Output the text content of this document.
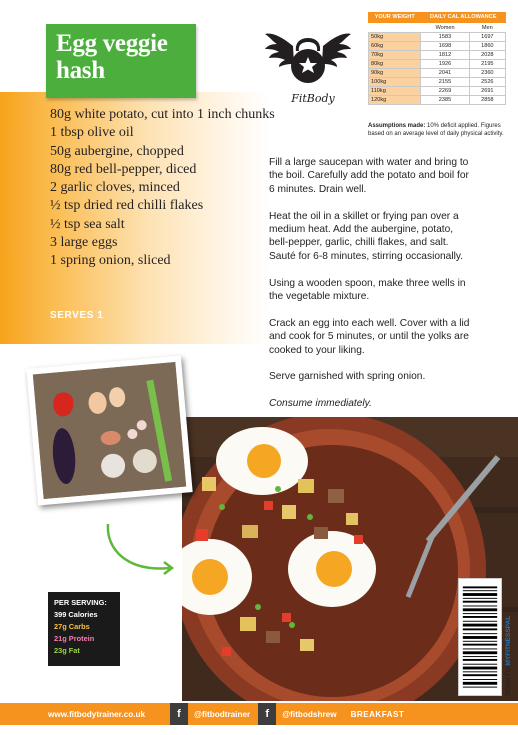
Egg veggie hash
80g white potato, cut into 1 inch chunks
1 tbsp olive oil
50g aubergine, chopped
80g red bell-pepper, diced
2 garlic cloves, minced
½ tsp dried red chilli flakes
½ tsp sea salt
3 large eggs
1 spring onion, sliced
SERVES 1
FitBody
YOUR WEIGHT	DAILY CAL ALLOWANCE	
	Women	Men
50kg	1583	1697
60kg	1698	1860
70kg	1812	2028
80kg	1926	2195
90kg	2041	2360
100kg	2155	2526
110kg	2269	2691
120kg	2385	2858
Assumptions made: 10% deficit applied. Figures based on an average level of daily physical activity.

Fill a large saucepan with water and bring to the boil. Carefully add the potato and boil for 6 minutes. Drain well.

Heat the oil in a skillet or frying pan over a medium heat. Add the aubergine, potato, bell-pepper, garlic, chilli flakes, and salt. Sauté for 6-8 minutes, stirring occasionally.

Using a wooden spoon, make three wells in the vegetable mixture.

Crack an egg into each well. Cover with a lid and cook for 5 minutes, or until the yolks are cooked to your liking.

Serve garnished with spring onion.

Consume immediately.

PER SERVING:
399 Calories
27g Carbs
21g Protein
23g Fat
SCAN TO MYFITNESSPAL
www.fitbodytrainer.co.uk	f	@fitbodtrainer	f	@fitbodshrew BREAKFAST
